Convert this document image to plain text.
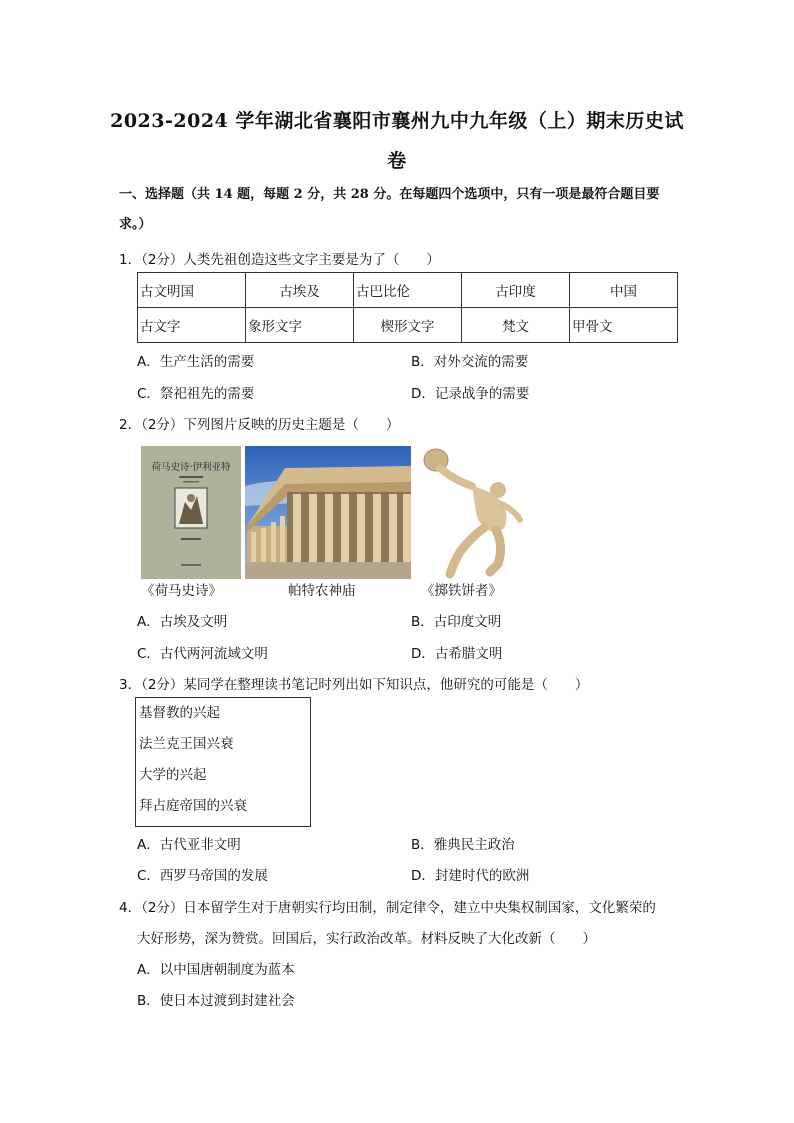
2023-2024 学年湖北省襄阳市襄州九中九年级（上）期末历史试
卷
一、选择题（共 14 题，每题 2 分，共 28 分。在每题四个选项中，只有一项是最符合题目要求。）
1．（2分）人类先祖创造这些文字主要是为了（　　）
古文明国	古埃及	古巴比伦	古印度	中国
古文字	象形文字	楔形文字	梵文	甲骨文
A．生产生活的需要	B．对外交流的需要
C．祭祀祖先的需要	D．记录战争的需要
2．（2分）下列图片反映的历史主题是（　　）
荷马史诗·伊利亚特
《荷马史诗》	帕特农神庙	《掷铁饼者》
A．古埃及文明	B．古印度文明
C．古代两河流域文明	D．古希腊文明
3．（2分）某同学在整理读书笔记时列出如下知识点，他研究的可能是（　　）
基督教的兴起
法兰克王国兴衰
大学的兴起
拜占庭帝国的兴衰
A．古代亚非文明	B．雅典民主政治
C．西罗马帝国的发展	D．封建时代的欧洲
4．（2分）日本留学生对于唐朝实行均田制，制定律令，建立中央集权制国家，文化繁荣的
大好形势，深为赞赏。回国后，实行政治改革。材料反映了大化改新（　　）
A．以中国唐朝制度为蓝本
B．使日本过渡到封建社会
